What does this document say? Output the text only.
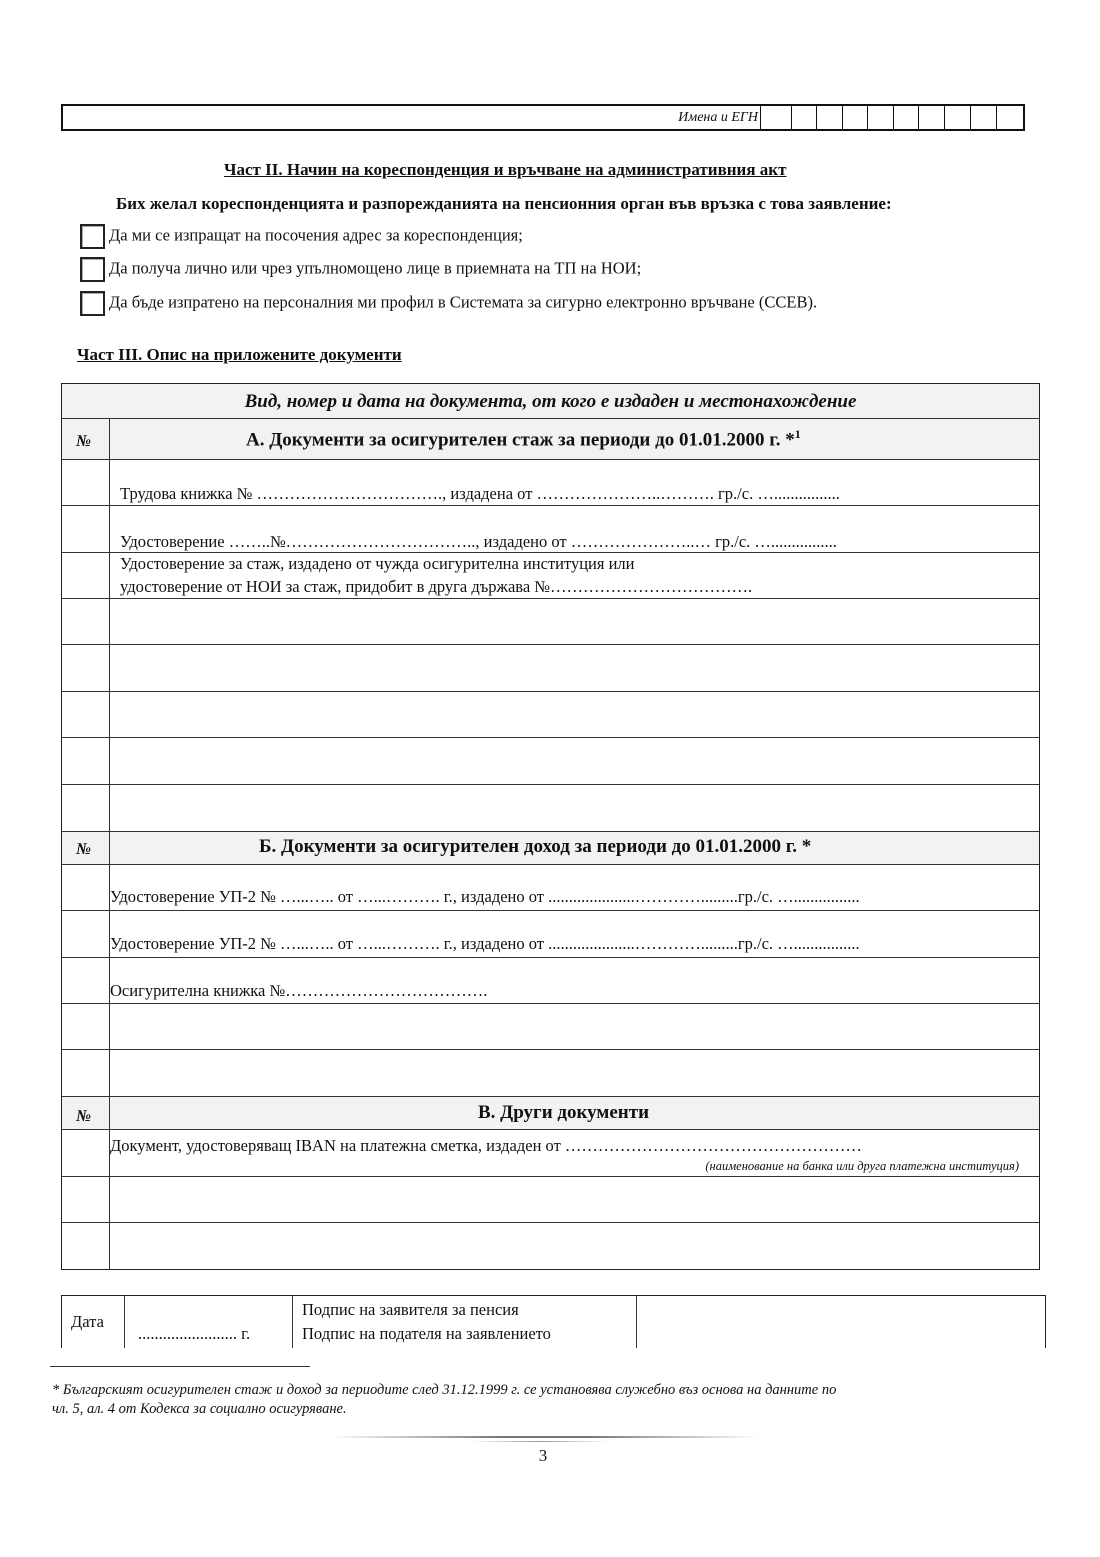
Имена и ЕГН
Част II. Начин на кореспонденция и връчване на административния акт
Бих желал кореспонденцията и разпорежданията на пенсионния орган във връзка с това заявление:
Да ми се изпращат на посочения адрес за кореспонденция;
Да получа лично или чрез упълномощено лице в приемната на ТП на НОИ;
Да бъде изпратено на персоналния ми профил в Системата за сигурно електронно връчване (ССЕВ).
Част III. Опис на приложените документи
Вид, номер и дата на документа, от кого е издаден и местонахождение
№	А. Документи за осигурителен стаж за периоди до 01.01.2000 г. *$^1$
Трудова книжка № ……………………………., издадена от …………………..………. гр./с. …................
Удостоверение ……..№…………………………….., издадено от …………………..… гр./с. …................
Удостоверение за стаж, издадено от чужда осигурителна институция или
удостоверение от НОИ за стаж, придобит в друга държава №……………………………….
№	Б. Документи за осигурителен доход за периоди до 01.01.2000 г. *
Удостоверение УП-2 № …...….. от …...………. г., издадено от .....................………….........гр./с. …................
Удостоверение УП-2 № …...….. от …...………. г., издадено от .....................………….........гр./с. …................
Осигурителна книжка №……………………………….
№	В. Други документи
Документ, удостоверяващ IBAN на платежна сметка, издаден от ………………………………………………
(наименование на банка или друга платежна институция)
Дата
........................ г.
Подпис на заявителя за пенсия
Подпис на подателя на заявлението
* Българският осигурителен стаж и доход за периодите след 31.12.1999 г. се установява служебно въз основа на данните по
чл. 5, ал. 4 от Кодекса за социално осигуряване.
3
